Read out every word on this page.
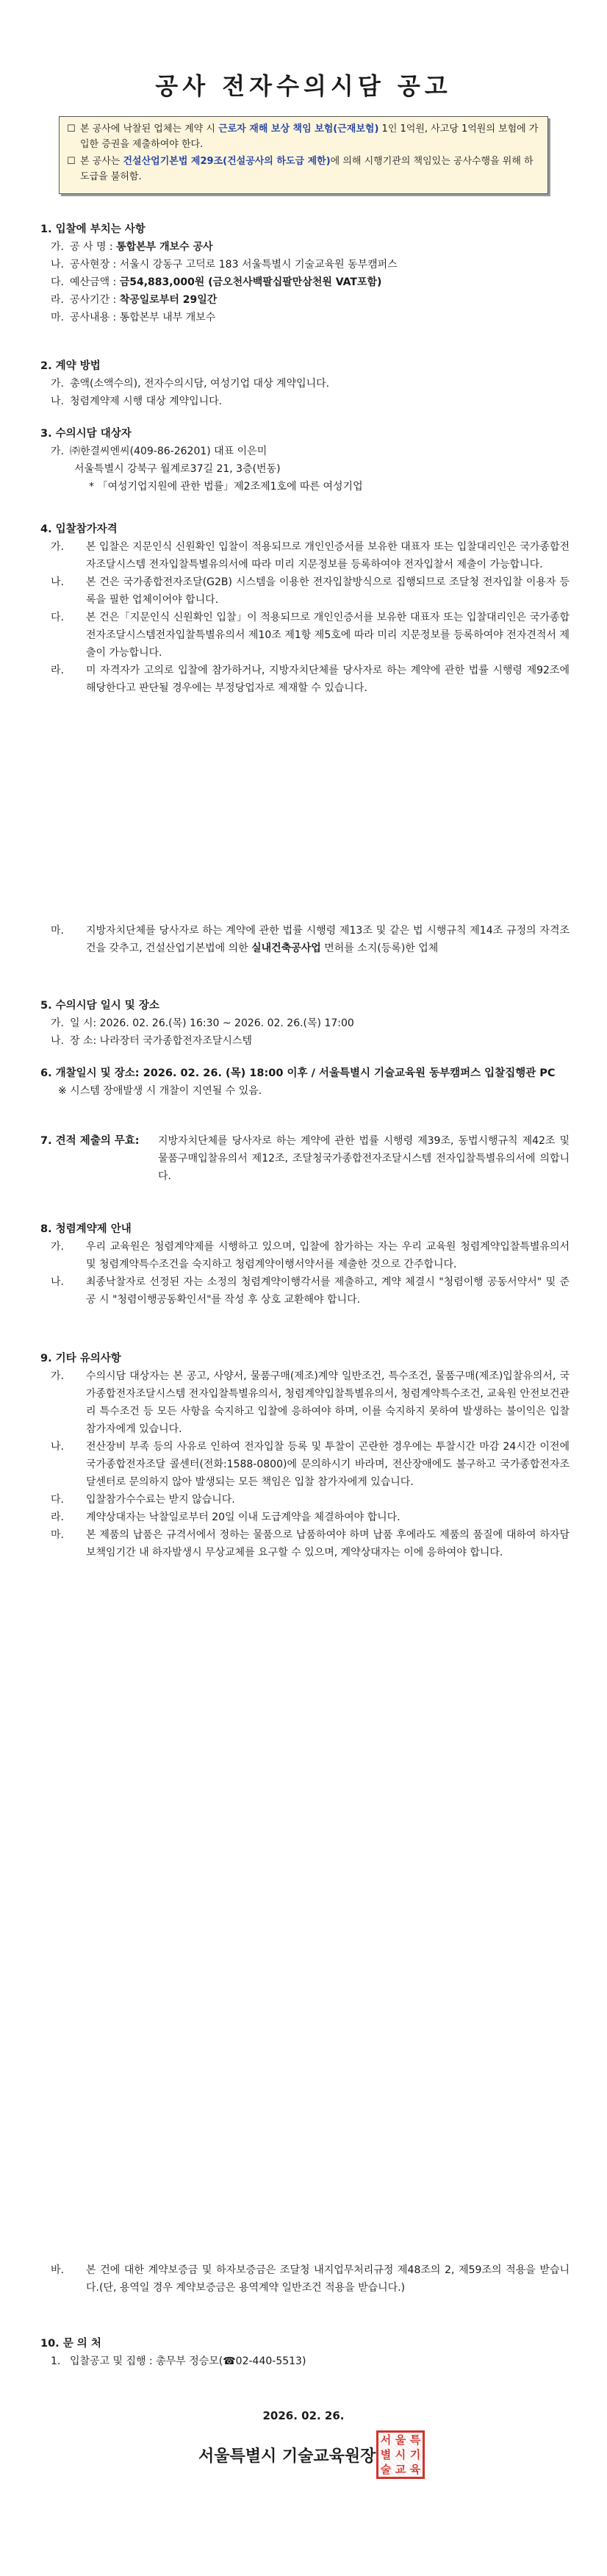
공사 전자수의시담 공고
☐ 본 공사에 낙찰된 업체는 계약 시 근로자 재해 보상 책임 보험(근재보험) 1인 1억원, 사고당 1억원의 보험에 가입한 증권을 제출하여야 한다.
☐ 본 공사는 건설산업기본법 제29조(건설공사의 하도급 제한)에 의해 시행기관의 책임있는 공사수행을 위해 하도급을 불허함.
1. 입찰에 부치는 사항
가. 공 사 명 : 통합본부 개보수 공사
나. 공사현장 : 서울시 강동구 고덕로 183 서울특별시 기술교육원 동부캠퍼스
다. 예산금액 : 금54,883,000원 (금오천사백팔십팔만삼천원 VAT포함)
라. 공사기간 : 착공일로부터 29일간
마. 공사내용 : 통합본부 내부 개보수
2. 계약 방법
가. 총액(소액수의), 전자수의시담, 여성기업 대상 계약입니다.
나. 청렴계약제 시행 대상 계약입니다.
3. 수의시담 대상자
가. ㈜한결씨엔씨(409-86-26201) 대표 이은미
서울특별시 강북구 월계로37길 21, 3층(번동)
* 「여성기업지원에 관한 법률」제2조제1호에 따른 여성기업
4. 입찰참가자격
가. 본 입찰은 지문인식 신원확인 입찰이 적용되므로 개인인증서를 보유한 대표자 또는 입찰대리인은 국가종합전자조달시스템 전자입찰특별유의서에 따라 미리 지문정보를 등록하여야 전자입찰서 제출이 가능합니다.
나. 본 건은 국가종합전자조달(G2B) 시스템을 이용한 전자입찰방식으로 집행되므로 조달청 전자입찰 이용자 등록을 필한 업체이어야 합니다.
다. 본 건은「지문인식 신원확인 입찰」이 적용되므로 개인인증서를 보유한 대표자 또는 입찰대리인은 국가종합전자조달시스템전자입찰특별유의서 제10조 제1항 제5호에 따라 미리 지문정보를 등록하여야 전자견적서 제출이 가능합니다.
라. 미 자격자가 고의로 입찰에 참가하거나, 지방자치단체를 당사자로 하는 계약에 관한 법률 시행령 제92조에 해당한다고 판단될 경우에는 부정당업자로 제재할 수 있습니다.
마. 지방자치단체를 당사자로 하는 계약에 관한 법률 시행령 제13조 및 같은 법 시행규칙 제14조 규정의 자격조건을 갖추고, 건설산업기본법에 의한 실내건축공사업 면허를 소지(등록)한 업체
5. 수의시담 일시 및 장소
가. 일 시: 2026. 02. 26.(목) 16:30 ~ 2026. 02. 26.(목) 17:00
나. 장 소: 나라장터 국가종합전자조달시스템
6. 개찰일시 및 장소: 2026. 02. 26. (목) 18:00 이후 / 서울특별시 기술교육원 동부캠퍼스 입찰집행관 PC
※ 시스템 장애발생 시 개찰이 지연될 수 있음.
7. 견적 제출의 무효: 지방자치단체를 당사자로 하는 계약에 관한 법률 시행령 제39조, 동법시행규칙 제42조 및 물품구매입찰유의서 제12조, 조달청국가종합전자조달시스템 전자입찰특별유의서에 의합니다.
8. 청렴계약제 안내
가. 우리 교육원은 청렴계약제를 시행하고 있으며, 입찰에 참가하는 자는 우리 교육원 청렴계약입찰특별유의서 및 청렴계약특수조건을 숙지하고 청렴계약이행서약서를 제출한 것으로 간주합니다.
나. 최종낙찰자로 선정된 자는 소정의 청렴계약이행각서를 제출하고, 계약 체결시 "청렴이행 공동서약서" 및 준공 시 "청렴이행공동확인서"를 작성 후 상호 교환해야 합니다.
9. 기타 유의사항
가. 수의시담 대상자는 본 공고, 사양서, 물품구매(제조)계약 일반조건, 특수조건, 물품구매(제조)입찰유의서, 국가종합전자조달시스템 전자입찰특별유의서, 청렴계약입찰특별유의서, 청렴계약특수조건, 교육원 안전보건관리 특수조건 등 모든 사항을 숙지하고 입찰에 응하여야 하며, 이를 숙지하지 못하여 발생하는 불이익은 입찰참가자에게 있습니다.
나. 전산장비 부족 등의 사유로 인하여 전자입찰 등록 및 투찰이 곤란한 경우에는 투찰시간 마감 24시간 이전에 국가종합전자조달 콜센터(전화:1588-0800)에 문의하시기 바라며, 전산장애에도 불구하고 국가종합전자조달센터로 문의하지 않아 발생되는 모든 책임은 입찰 참가자에게 있습니다.
다. 입찰참가수수료는 받지 않습니다.
라. 계약상대자는 낙찰일로부터 20일 이내 도급계약을 체결하여야 합니다.
마. 본 제품의 납품은 규격서에서 정하는 물품으로 납품하여야 하며 납품 후에라도 제품의 품질에 대하여 하자담보책임기간 내 하자발생시 무상교체를 요구할 수 있으며, 계약상대자는 이에 응하여야 합니다.
바. 본 건에 대한 계약보증금 및 하자보증금은 조달청 내지업무처리규정 제48조의 2, 제59조의 적용을 받습니다.(단, 용역일 경우 계약보증금은 용역계약 일반조건 적용을 받습니다.)
10. 문 의 처
1. 입찰공고 및 집행 : 총무부 정승모(☎02-440-5513)
2026. 02. 26.
서울특별시 기술교육원장
서 울 특
별 시 기
술 교 육
